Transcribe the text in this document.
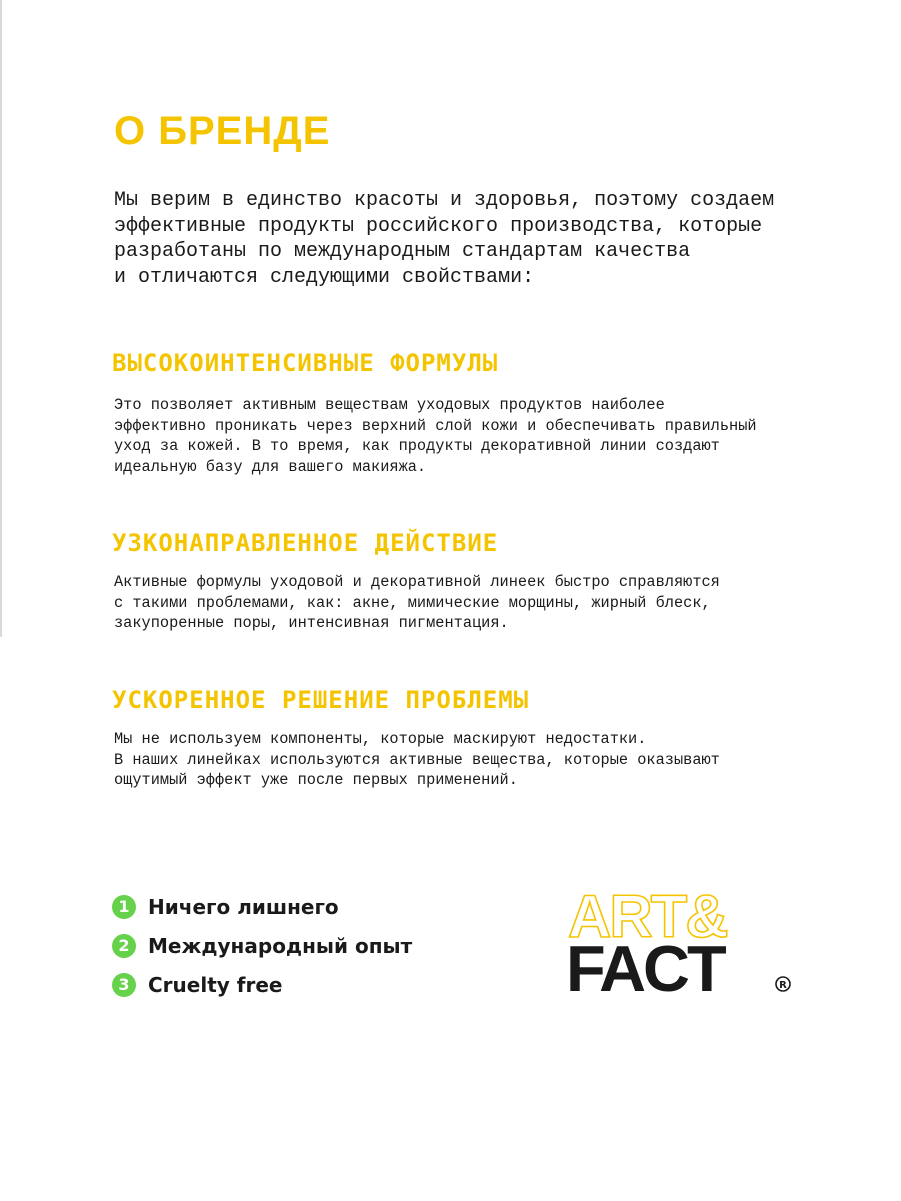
О БРЕНДЕ

Мы верим в единство красоты и здоровья, поэтому создаем
эффективные продукты российского производства, которые
разработаны по международным стандартам качества
и отличаются следующими свойствами:

ВЫСОКОИНТЕНСИВНЫЕ ФОРМУЛЫ

Это позволяет активным веществам уходовых продуктов наиболее
эффективно проникать через верхний слой кожи и обеспечивать правильный
уход за кожей. В то время, как продукты декоративной линии создают
идеальную базу для вашего макияжа.

УЗКОНАПРАВЛЕННОЕ ДЕЙСТВИЕ

Активные формулы уходовой и декоративной линеек быстро справляются
с такими проблемами, как: акне, мимические морщины, жирный блеск,
закупоренные поры, интенсивная пигментация.

УСКОРЕННОЕ РЕШЕНИЕ ПРОБЛЕМЫ

Мы не используем компоненты, которые маскируют недостатки.
В наших линейках используются активные вещества, которые оказывают
ощутимый эффект уже после первых применений.

1 Ничего лишнего
2 Международный опыт
3 Cruelty free
ART&
FACT	R
